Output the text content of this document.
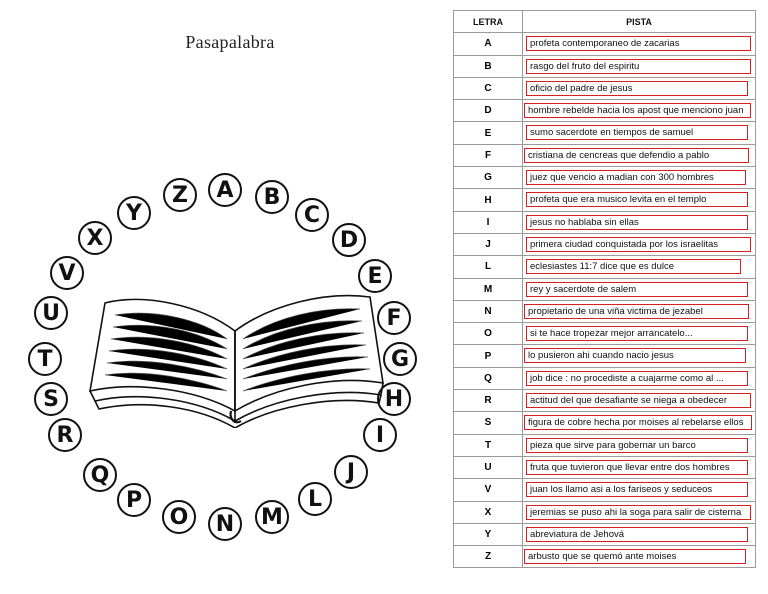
Pasapalabra
A	B
C
D
E
F
G
H
I
J
L
M
N
O
P
Q
R
S
T
U
V
X
Y
Z
LETRA	PISTA
A	profeta contemporaneo de zacarias

B	rasgo del fruto del espiritu

C	oficio del padre de jesus

D	hombre rebelde hacia los apost que menciono juan

E	sumo sacerdote en tiempos de samuel

F	cristiana de cencreas que defendio a pablo

G	juez que vencio a madian con 300 hombres

H	profeta que era musico levita en el templo

I	jesus no hablaba sin ellas

J	primera ciudad conquistada por los israelitas

L	eclesiastes 11:7 dice que es dulce

M	rey y sacerdote de salem

N	propietario de una viña victima de jezabel

O	si te hace tropezar mejor arrancatelo...

P	lo pusieron ahi cuando nacio jesus

Q	job dice : no procediste a cuajarme como al ...

R	actitud del que desafiante se niega a obedecer

S	figura de cobre hecha por moises al rebelarse ellos

T	pieza que sirve para gobernar un barco

U	fruta que tuvieron que llevar entre dos hombres

V	juan los llamo asi a los fariseos y seduceos

X	jeremias se puso ahi la soga para salir de cisterna

Y	abreviatura de Jehová

Z	arbusto que se quemó ante moises
